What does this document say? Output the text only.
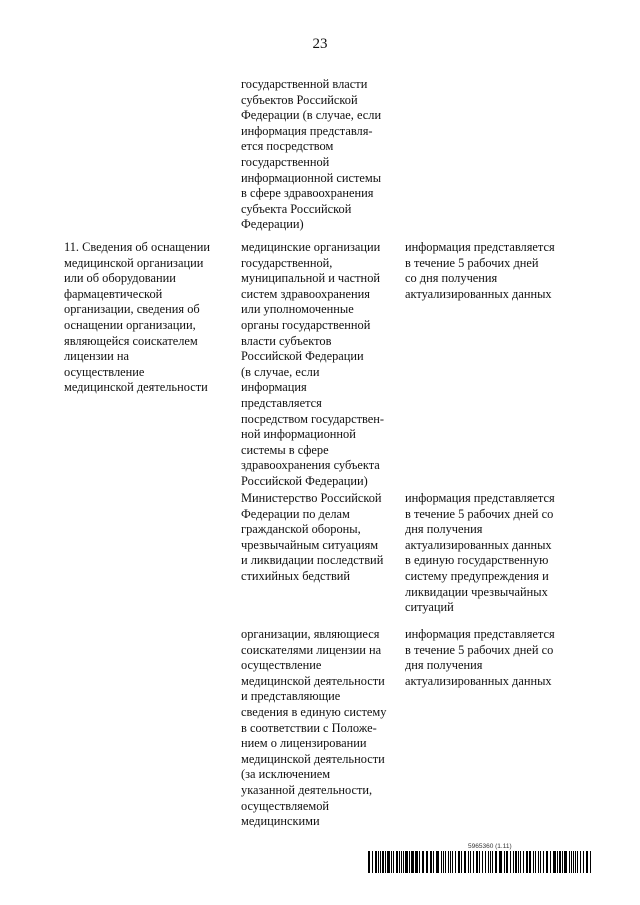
23
государственной власти
субъектов Российской
Федерации (в случае, если
информация представля-
ется посредством
государственной
информационной системы
в сфере здравоохранения
субъекта Российской
Федерации)
11. Сведения об оснащении
медицинской организации
или об оборудовании
фармацевтической
организации, сведения об
оснащении организации,
являющейся соискателем
лицензии на
осуществление
медицинской деятельности
медицинские организации
государственной,
муниципальной и частной
систем здравоохранения
или уполномоченные
органы государственной
власти субъектов
Российской Федерации
(в случае, если
информация
представляется
посредством государствен-
ной информационной
системы в сфере
здравоохранения субъекта
Российской Федерации)
информация представляется
в течение 5 рабочих дней
со дня получения
актуализированных данных
Министерство Российской
Федерации по делам
гражданской обороны,
чрезвычайным ситуациям
и ликвидации последствий
стихийных бедствий
информация представляется
в течение 5 рабочих дней со
дня получения
актуализированных данных
в единую государственную
систему предупреждения и
ликвидации чрезвычайных
ситуаций
организации, являющиеся
соискателями лицензии на
осуществление
медицинской деятельности
и представляющие
сведения в единую систему
в соответствии с Положе-
нием о лицензировании
медицинской деятельности
(за исключением
указанной деятельности,
осуществляемой
медицинскими
информация представляется
в течение 5 рабочих дней со
дня получения
актуализированных данных
5965360 (1.11)
